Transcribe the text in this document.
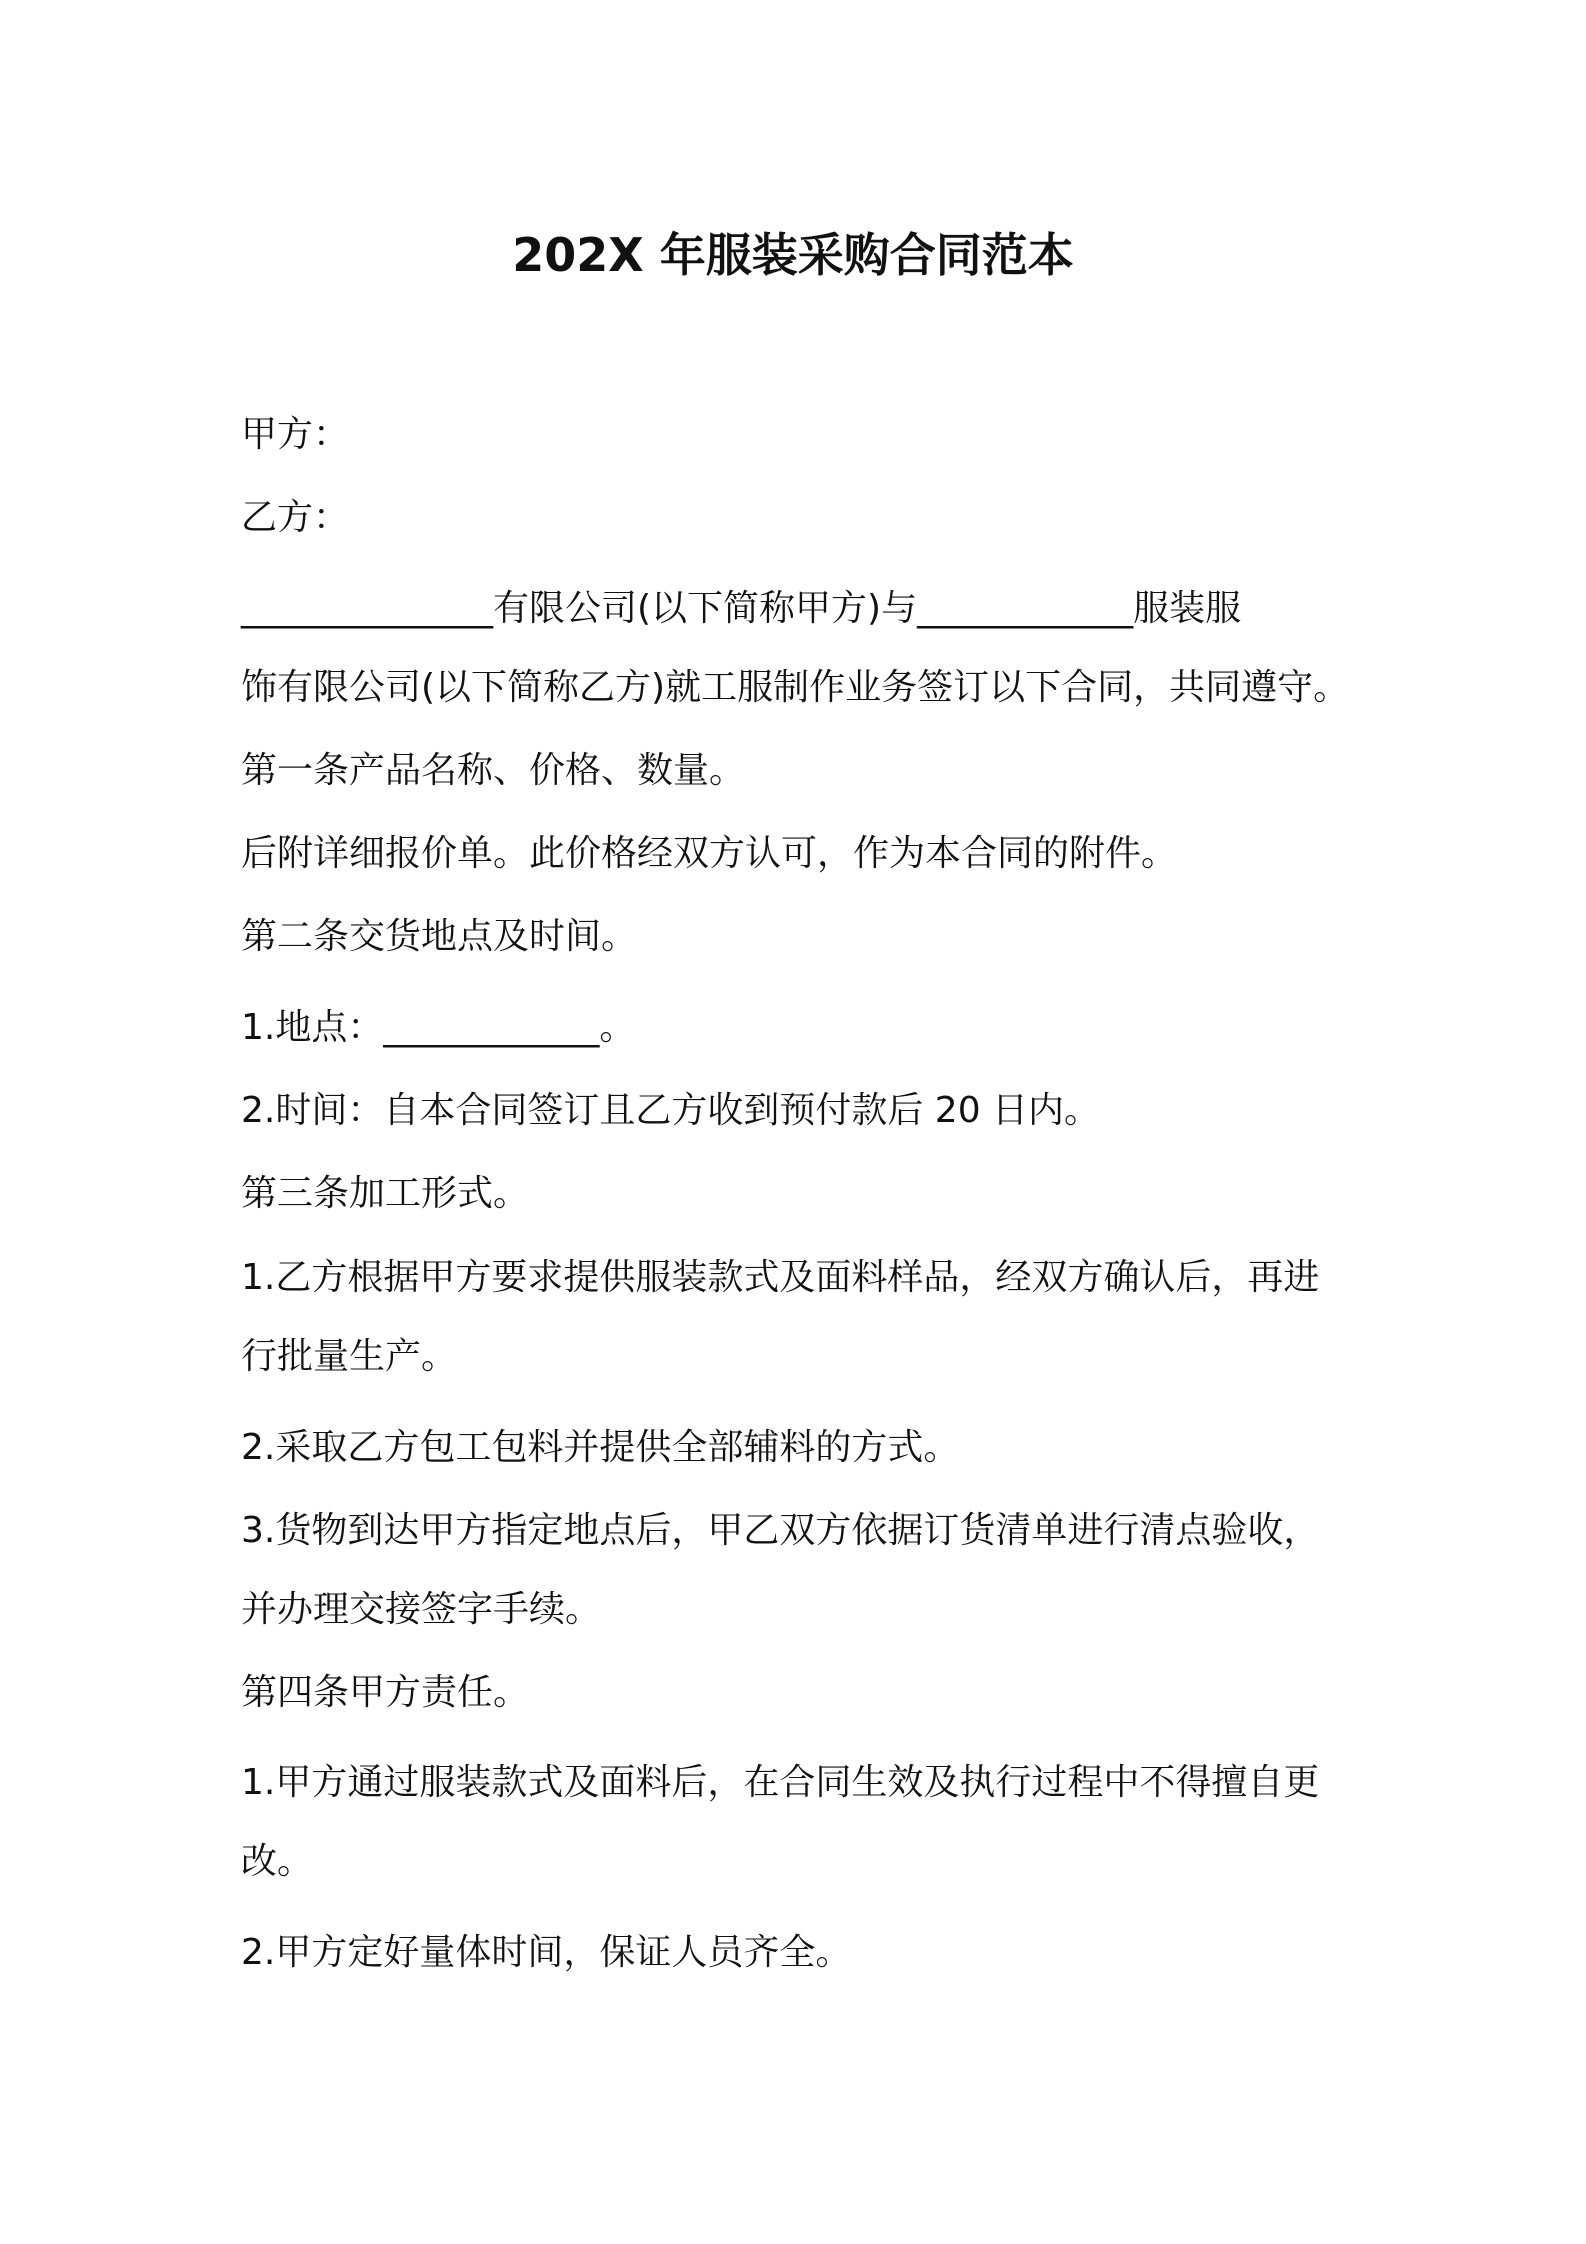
202X 年服装采购合同范本
甲方：
乙方：
______________有限公司(以下简称甲方)与____________服装服
饰有限公司(以下简称乙方)就工服制作业务签订以下合同，共同遵守。
第一条产品名称、价格、数量。
后附详细报价单。此价格经双方认可，作为本合同的附件。
第二条交货地点及时间。
1.地点：____________。
2.时间：自本合同签订且乙方收到预付款后 20 日内。
第三条加工形式。
1.乙方根据甲方要求提供服装款式及面料样品，经双方确认后，再进
行批量生产。
2.采取乙方包工包料并提供全部辅料的方式。
3.货物到达甲方指定地点后，甲乙双方依据订货清单进行清点验收，
并办理交接签字手续。
第四条甲方责任。
1.甲方通过服装款式及面料后，在合同生效及执行过程中不得擅自更
改。
2.甲方定好量体时间，保证人员齐全。
